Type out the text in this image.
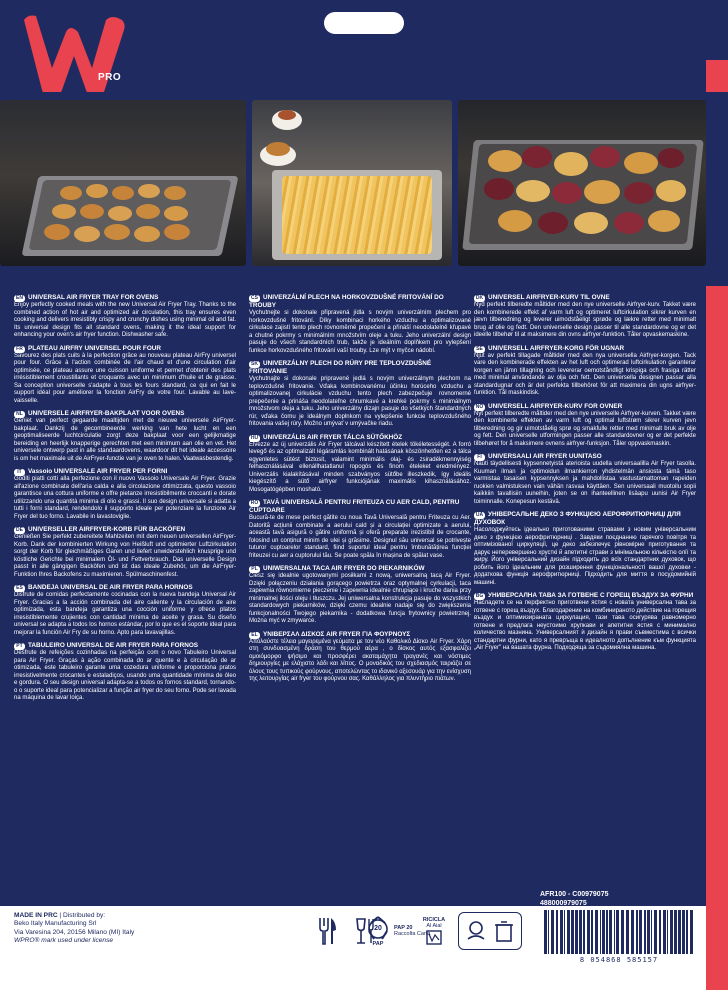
PRO
EN UNIVERSAL AIR FRYER TRAY FOR OVENS
Enjoy perfectly cooked meals with the new Universal Air Fryer Tray. Thanks to the combined action of hot air and optimized air circulation, this tray ensures even cooking and delivers irresistibly crispy and crunchy dishes using minimal oil and fat. Its universal design fits all standard ovens, making it the ideal support for enhancing your oven's air fryer function. Dishwasher safe.
FR PLATEAU AIRFRY UNIVERSEL POUR FOUR
Savourez des plats cuits à la perfection grâce au nouveau plateau AirFry universel pour four. Grâce à l'action combinée de l'air chaud et d'une circulation d'air optimisée, ce plateau assure une cuisson uniforme et permet d'obtenir des plats irrésistiblement croustillants et croquants avec un minimum d'huile et de graisse. Sa conception universelle s'adapte à tous les fours standard, ce qui en fait le support idéal pour améliorer la fonction AirFry de votre four. Lavable au lave-vaisselle.
NL UNIVERSELE AIRFRYER-BAKPLAAT VOOR OVENS
Geniet van perfect gegaarde maaltijden met de nieuwe universele AirFryer-bakplaat. Dankzij de gecombineerde werking van hete lucht en een geoptimaliseerde luchtcirculatie zorgt deze bakplaat voor een gelijkmatige bereiding en heerlijk knapperige gerechten met een minimum aan olie en vet. Het universele ontwerp past in alle standaardovens, waardoor dit het ideale accessoire is om het maximale uit de AirFryer-functie van je oven te halen. Vaatwasbestendig.
IT Vassoio UNIVERSALE AIR FRYER PER FORNI
Goditi piatti cotti alla perfezione con il nuovo Vassoio Universale Air Fryer. Grazie all'azione combinata dell'aria calda e alla circolazione ottimizzata, questo vassoio garantisce una cottura uniforme e offre pietanze irresistibilmente croccanti e dorate utilizzando una quantità minima di olio e grassi. Il suo design universale si adatta a tutti i forni standard, rendendolo il supporto ideale per potenziare la funzione Air Fryer del tuo forno. Lavabile in lavastoviglie.
DE UNIVERSELLER AIRFRYER-KORB FÜR BACKÖFEN
Genießen Sie perfekt zubereitete Mahlzeiten mit dem neuen universellen AirFryer-Korb. Dank der kombinierten Wirkung von Heißluft und optimierter Luftzirkulation sorgt der Korb für gleichmäßiges Garen und liefert unwiderstehlich knusprige und köstliche Gerichte bei minimalem Öl- und Fettverbrauch. Das universelle Design passt in alle gängigen Backöfen und ist das ideale Zubehör, um die AirFryer-Funktion Ihres Backofens zu maximieren. Spülmaschinenfest.
ES BANDEJA UNIVERSAL DE AIR FRYER PARA HORNOS
Disfrute de comidas perfectamente cocinadas con la nueva bandeja Universal Air Fryer. Gracias a la acción combinada del aire caliente y la circulación de aire optimizada, esta bandeja garantiza una cocción uniforme y ofrece platos irresistiblemente crujientes con cantidad mínima de aceite y grasa. Su diseño universal se adapta a todos los hornos estándar, por lo que es el soporte ideal para mejorar la función Air Fry de su horno. Apto para lavavajillas.
PT TABULEIRO UNIVERSAL DE AIR FRYER PARA FORNOS
Desfrute de refeições cozinhadas na perfeição com o novo Tabuleiro Universal para Air Fryer. Graças à ação combinada do ar quente e à circulação de ar otimizada, este tabuleiro garante uma cozedura uniforme e proporciona pratos irresistivelmente crocantes e estaladiços, usando uma quantidade mínima de óleo e gordura. O seu design universal adapta-se a todos os fornos standard, tornando-o o suporte ideal para potencializar a função air fryer do seu forno. Pode ser lavada na máquina de lavar loiça.
CS UNIVERZÁLNÍ PLECH NA HORKOVZDUŠNÉ FRITOVÁNÍ DO TROUBY
Vychutnejte si dokonale připravená jídla s novým univerzálním plechem pro horkovzdušné fritování. Díky kombinaci horkého vzduchu a optimalizované cirkulace zajistí tento plech rovnoměrné propečení a přináší neodolatelně křupavé a chutné pokrmy s minimálním množstvím oleje a tuku. Jeho univerzální design pasuje do všech standardních trub, takže je ideálním doplňkem pro vylepšení funkce horkovzdušného fritování vaší trouby. Lze mýt v myčce nádobí.
SK UNIVERZÁLNY PLECH DO RÚRY PRE TEPLOVZDUŠNÉ FRITOVANIE
Vychutnajte si dokonale pripravené jedlá s novým univerzálnym plechom na teplovzdušné fritovanie. Vďaka kombinovanému účinku horúceho vzduchu a optimalizovanej cirkulácie vzduchu tento plech zabezpečuje rovnomerné prepečenie a prináša neodolateľne chrumkavé a krehké pokrmy s minimálnym množstvom oleja a tuku. Jeho univerzálny dizajn pasuje do všetkých štandardných rúr, vďaka čomu je ideálnym doplnkom na vylepšenie funkcie teplovzdušného fritovania vašej rúry. Možno umývať v umývačke riadu.
HU UNIVERZÁLIS AIR FRYER TÁLCA SÜTŐKHÖZ
Élvezze az új univerzális Air Fryer tálcával készített ételek tökéletességét. A forró levegő és az optimalizált légáramlás kombinált hatásának köszönhetően ez a tálca egyenletes sütést biztosit, valamint minimális olaj- és zsiradékmennyiség felhasználásával ellenállhatatlanul ropogós és finom ételeket eredményez. Univerzális kialakításával minden szabványos sütőbe illeszkedik, így ideális kiegészítő a sütő airfryer funkciójának maximális kihasználásához. Mosogatógépben mosható.
RO TAVĂ UNIVERSALĂ PENTRU FRITEUZA CU AER CALD, PENTRU CUPTOARE
Bucură-te de mese perfect gătite cu noua Tavă Universală pentru Friteuza cu Aer. Datorită acțiunii combinate a aerului cald și a circulației optimizate a aerului, această tavă asigură o gătire uniformă și oferă preparate irezistibil de crocante, folosind un conținut minim de ulei și grăsime. Designul său universal se potrivește tuturor cuptoarelor standard, fiind suportul ideal pentru îmbunătățirea funcției friteuzei cu aer a cuptorului tău. Se poate spăla în mașina de spălat vase.
PL UNIWERSALNA TACA AIR FRYER DO PIEKARNIKÓW
Ciesz się idealnie ugotowanymi posiłkami z nową, uniwersalną tacą Air Fryer. Dzięki połączeniu działania gorącego powietrza oraz optymalnej cyrkulacji, taca zapewnia równomierne pieczenie i zapewnia idealnie chrupiące i kruche dania przy minimalnej ilości oleju i tłuszczu. Jej uniwersalna konstrukcja pasuje do wszystkich standardowych piekarników, dzięki czemu idealnie nadaje się do zwiększenia funkcjonalności Twojego piekarnika - dodatkowa funcja frytownicy powietrznej. Można myć w zmywarce.
EL ΥΝΙΒΕΡΣΑΛ ΔΙΣΚΟΣ AIR FRYER ΓΙΑ ΦΟΥΡΝΟΥΣ
Απολαύστε τέλεια μαγειρεμένα γεύματα με τον νέο Καθολικό Δίσκο Air Fryer. Χάρη στη συνδυασμένη δράση του θερμού αέρα , ο δίσκος αυτός εξασφαλίζει ομοιόμορφο ψήσιμο και προσφέρει ακαταμάχητα τραγανές και νόστιμες δημιουργίες με ελάχιστο λάδι και λίπος. Ο μοναδικός του σχεδιασμός ταιριάζει σε όλους τους τυπικούς φούρνους, αποτελώντας το ιδανικό αξεσουάρ για την ενίσχυση της λειτουργίας air fryer του φούρνου σας. Καθάλληλος για πλυντήριο πιάτων.
DK UNIVERSEL AIRFRYER-KURV TIL OVNE
Nyd perfekt tilberedte måltider med den nye universelle Airfryer-kurv. Takket være den kombinerede effekt af varm luft og optimeret luftcirkulation sikrer kurven en jævn tilberedning og leverer uimodståeligt sprøde og lækre retter med minimalt brug af olie og fedt. Den universelle design passer til alle standardovne og er det ideelle tilbehør til at maksimere din ovns airfryer-funktion. Tåler opvaskemaskine.
SE UNIVERSELL AIRFRYER-KORG FÖR UGNAR
Njut av perfekt tillagade måltider med den nya universella Airfryer-korgen. Tack vare den kombinerade effekten av het luft och optimerad luftcirkulation garanterar korgen en jämn tillagning och levererar oemotståndligt krispiga och frasiga rätter med minimal användande av olja och fett. Den universella designen passar alla standardugnar och är det perfekta tillbehöret för att maximera din ugns airfryer-funktion. Tål maskindisk.
NO UNIVERSELL AIRFRYER-KURV FOR OVNER
Nyt perfekt tilberedte måltider med den nye universelle Airfryer-kurven. Takket være den kombinerte effekten av varm luft og optimal luftstrøm sikrer kurven jevn tilberedning og gir uimotståelig sprø og smakfulle retter med minimalt bruk av olje og fett. Den universelle utformingen passer alle standardovner og er det perfekte tilbehøret for å maksimere ovnens airfryer-funksjon. Tåler oppvaskmaskin.
FI UNIVERSAALI AIR FRYER UUNITASO
Nauti täydellisesti kypsennetyistä aterioista uudella universaalilla Air Fryer tasolla. Kuuman ilman ja optimoidun ilmankierron yhdistelmän ansiosta tämä taso varmistaa tasaisen kypsennyksen ja mahdollistaa vastustamattoman rapeiden ruokien valmistuksen vain vähän rasvaa käyttäen. Sen universaali muotoilu sopii kaikkiin tavallisiin uuneihin, joten se on ihanteellinen lisäapu uunisi Air Fryer toiminnalle. Konepesun kestävä.
UA УНІВЕРСАЛЬНЕ ДЕКО З ФУНКЦІЄЮ АЕРОФРИТЮРНИЦІ ДЛЯ ДУХОВОК
Насолоджуйтесь ідеально приготованими стравами з новим універсальним деко з функцією аерофритюрниці . Завдяки поєднанню гарячого повітря та оптимізованої циркуляції, це деко забезпечує рівномірне приготування та дарує неперевершено хрусткі й апетитні страви з мінімальною кількістю олії та жиру. Його універсальний дизайн підходить до всіх стандартних духовок, що робить його ідеальним для розширення функціональності вашої духовки - додаткова функція аерофритюрниці. Підходить для миття в посудомийній машині.
BG УНИВЕРСАЛНА ТАВА ЗА ГОТВЕНЕ С ГОРЕЩ ВЪЗДУХ ЗА ФУРНИ
Насладете се на перфектно приготвени ястия с новата универсална тава за готвене с горещ въздух. Благодарение на комбинираното действие на горещия въздух и оптимизираната циркулация, тази тава осигурява равномерно готвене и предлага неустоимо хрупкави и апетитни ястия с минимално количество мазнина. Универсалният ѝ дизайн я прави съвместима с всички стандартни фурни, като я превръща в идеалното допълнение към функцията „Air Fryer" на вашата фурна. Подходяща за съдомиялна машина.
AFR100 - C00979075
488000979075
MADE IN PRC | Distributed by:
Beko Italy Manufacturing Srl
Via Varesina 204, 20156 Milano (MI) Italy
WPRO® mark used under license
20
PAP
PAP 20
Raccolta Carta
RICICLA
Al Aial
8 054868 585157
